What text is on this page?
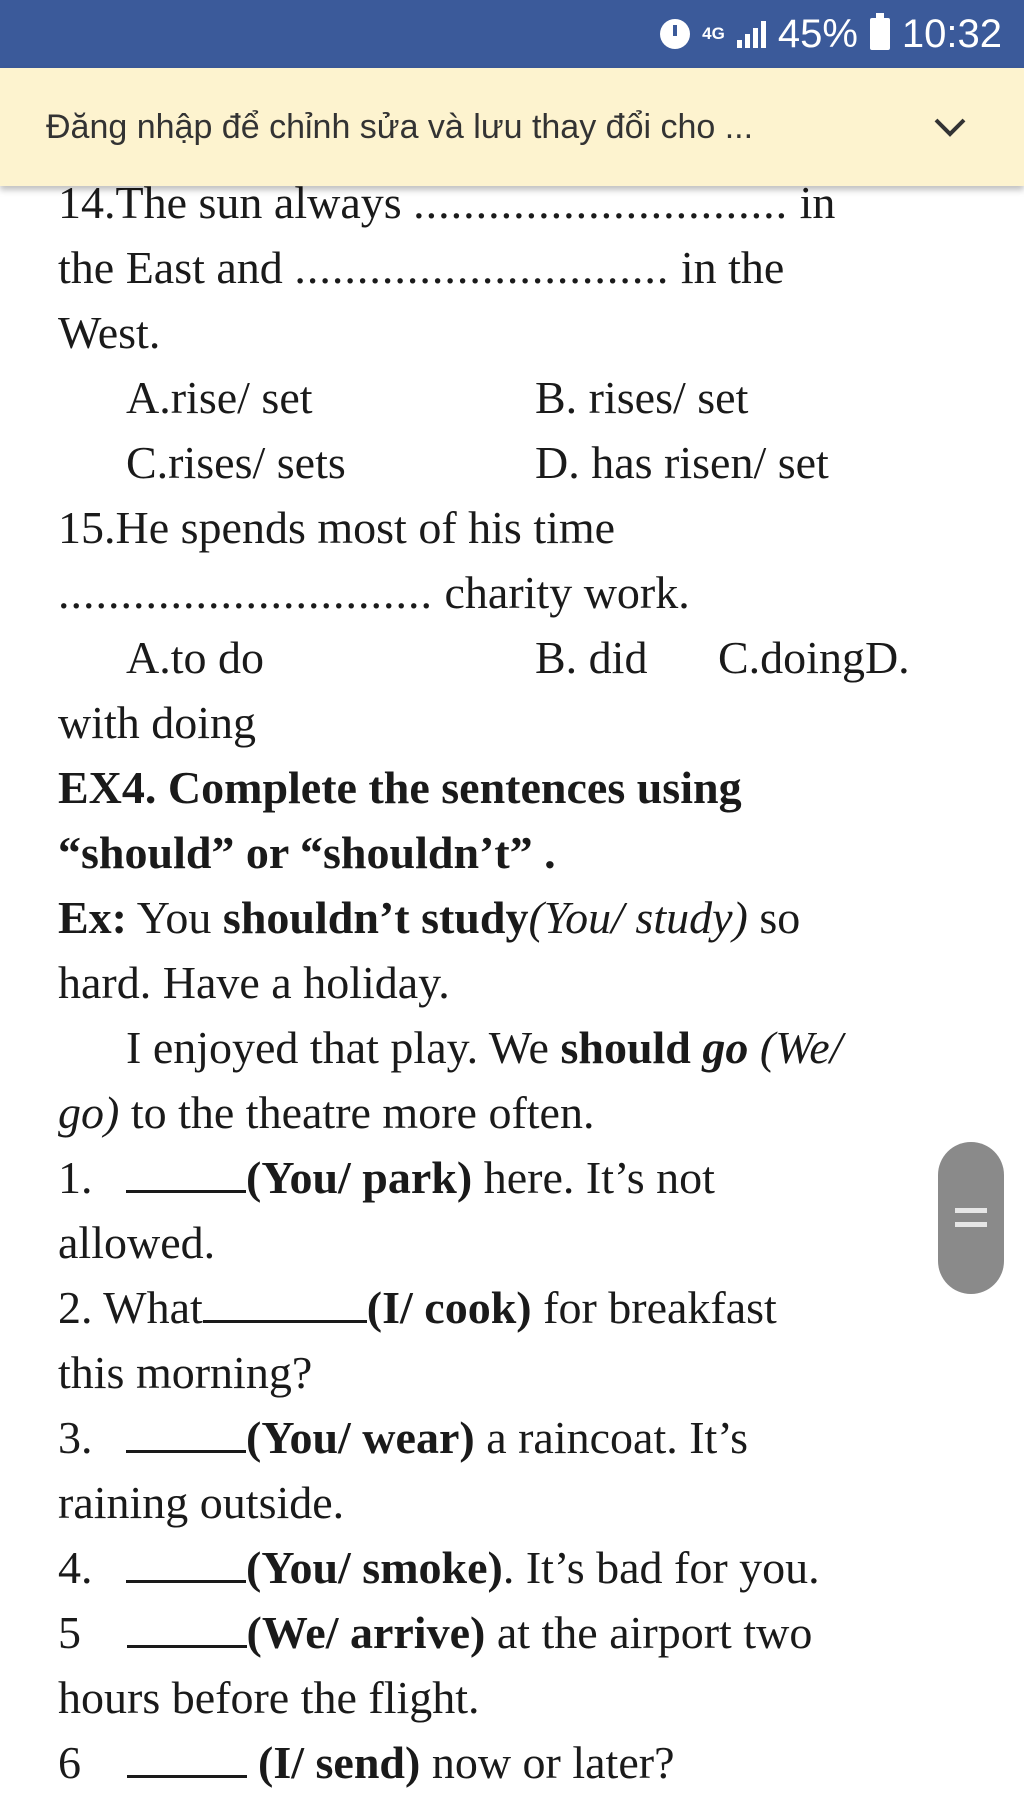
4G 45% 10:32
Đăng nhập để chỉnh sửa và lưu thay đổi cho ...
14.The sun always .............................. in
the East and .............................. in the
West.
A.rise/ set	B. rises/ set
C.rises/ sets	D. has risen/ set
15.He spends most of his time
.............................. charity work.
A.to do	B. did C.doingD.
with doing
EX4. Complete the sentences using
“should” or “shouldn’t” .
Ex: You shouldn’t study(You/ study) so
hard. Have a holiday.
I enjoyed that play. We should go (We/
go) to the theatre more often.
1.	(You/ park) here. It’s not
allowed.
2. What	(I/ cook) for breakfast
this morning?
3.	(You/ wear) a raincoat. It’s
raining outside.
4.	(You/ smoke). It’s bad for you.
5	(We/ arrive) at the airport two
hours before the flight.
6	(I/ send) now or later?
